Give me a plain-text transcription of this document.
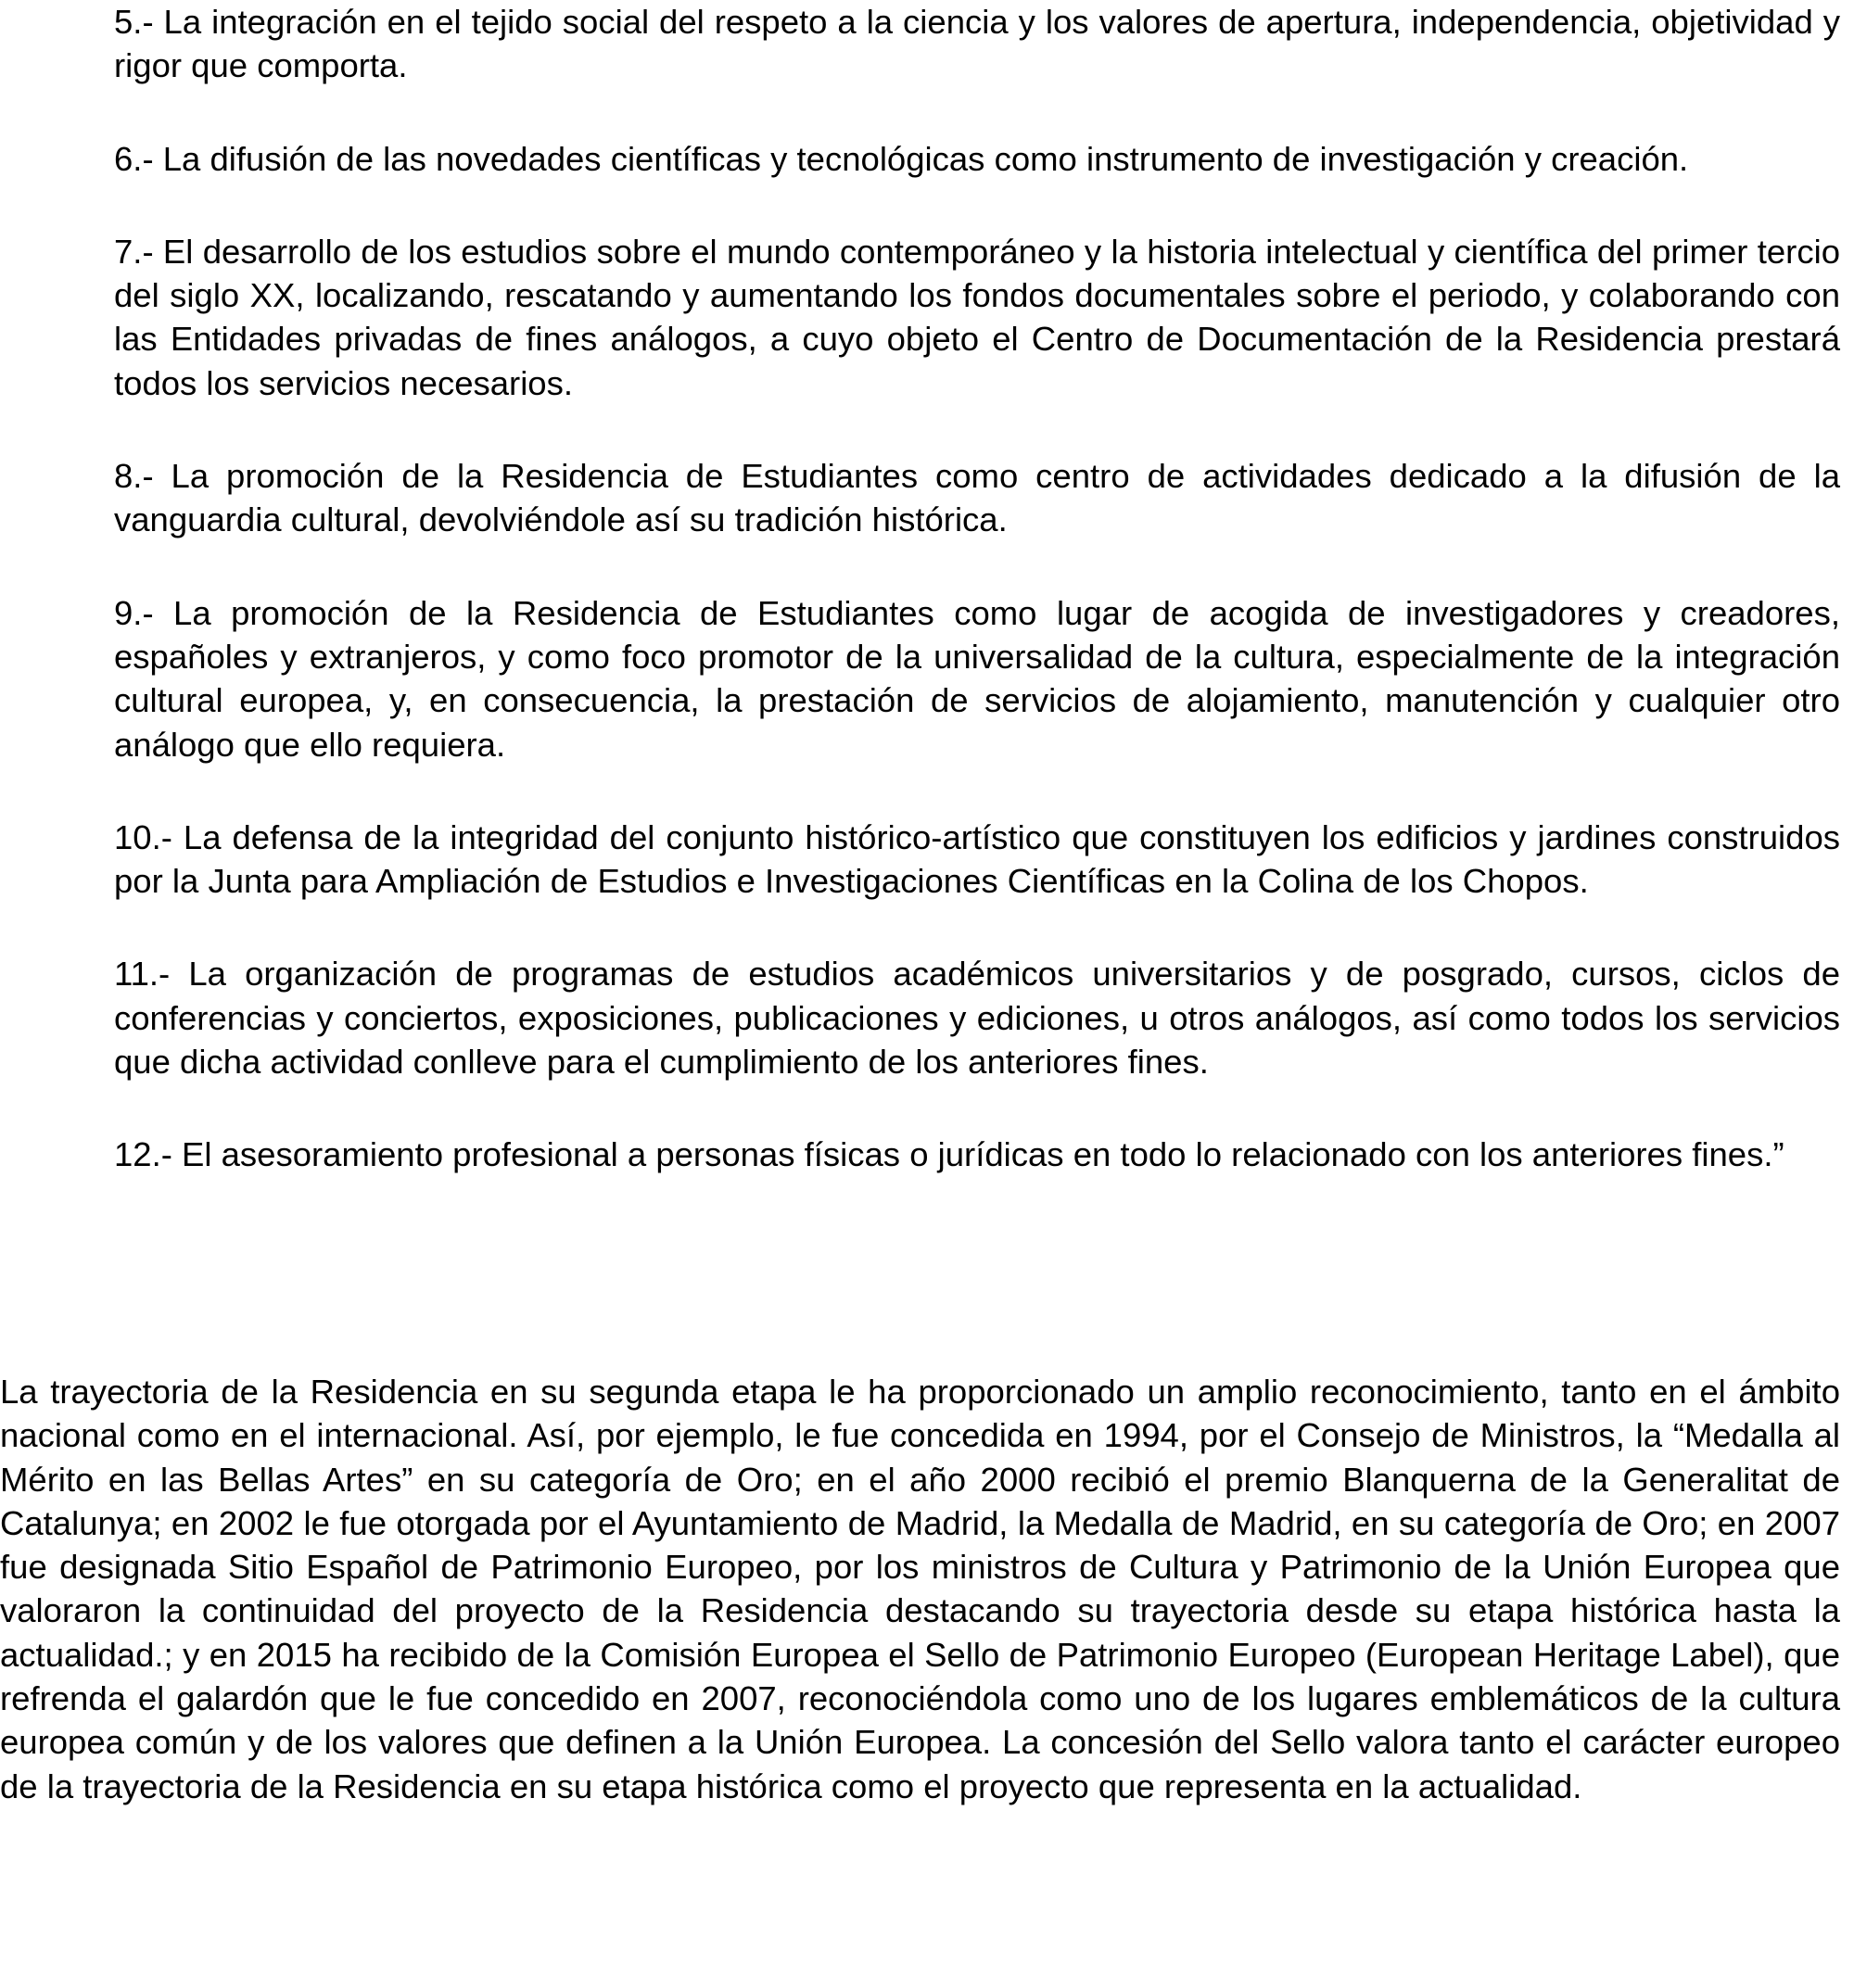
5.- La integración en el tejido social del respeto a la ciencia y los valores de apertura, independencia, objetividad y rigor que comporta.
6.- La difusión de las novedades científicas y tecnológicas como instrumento de investigación y creación.
7.- El desarrollo de los estudios sobre el mundo contemporáneo y la historia intelectual y científica del primer tercio del siglo XX, localizando, rescatando y aumentando los fondos documentales sobre el periodo, y colaborando con las Entidades privadas de fines análogos, a cuyo objeto el Centro de Documentación de la Residencia prestará todos los servicios necesarios.
8.- La promoción de la Residencia de Estudiantes como centro de actividades dedicado a la difusión de la vanguardia cultural, devolviéndole así su tradición histórica.
9.- La promoción de la Residencia de Estudiantes como lugar de acogida de investigadores y creadores, españoles y extranjeros, y como foco promotor de la universalidad de la cultura, especialmente de la integración cultural europea, y, en consecuencia, la prestación de servicios de alojamiento, manutención y cualquier otro análogo que ello requiera.
10.- La defensa de la integridad del conjunto histórico-artístico que constituyen los edificios y jardines construidos por la Junta para Ampliación de Estudios e Investigaciones Científicas en la Colina de los Chopos.
11.- La organización de programas de estudios académicos universitarios y de posgrado, cursos, ciclos de conferencias y conciertos, exposiciones, publicaciones y ediciones, u otros análogos, así como todos los servicios que dicha actividad conlleve para el cumplimiento de los anteriores fines.
12.- El asesoramiento profesional a personas físicas o jurídicas en todo lo relacionado con los anteriores fines.”
La trayectoria de la Residencia en su segunda etapa le ha proporcionado un amplio reconocimiento, tanto en el ámbito nacional como en el internacional. Así, por ejemplo, le fue concedida en 1994, por el Consejo de Ministros, la “Medalla al Mérito en las Bellas Artes” en su categoría de Oro; en el año 2000 recibió el premio Blanquerna de la Generalitat de Catalunya; en 2002 le fue otorgada por el Ayuntamiento de Madrid, la Medalla de Madrid, en su categoría de Oro; en 2007 fue designada Sitio Español de Patrimonio Europeo, por los ministros de Cultura y Patrimonio de la Unión Europea que valoraron la continuidad del proyecto de la Residencia destacando su trayectoria desde su etapa histórica hasta la actualidad.; y en 2015 ha recibido de la Comisión Europea el Sello de Patrimonio Europeo (European Heritage Label), que refrenda el galardón que le fue concedido en 2007, reconociéndola como uno de los lugares emblemáticos de la cultura europea común y de los valores que definen a la Unión Europea. La concesión del Sello valora tanto el carácter europeo de la trayectoria de la Residencia en su etapa histórica como el proyecto que representa en la actualidad.
